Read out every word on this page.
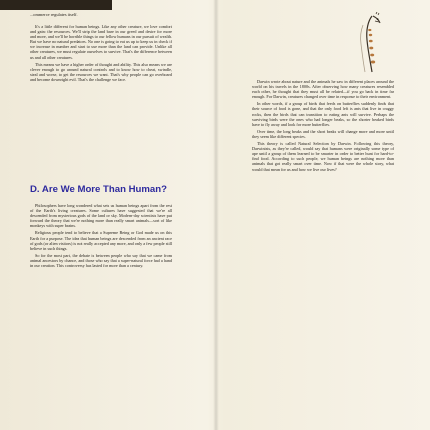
...ommerce regulates itself.

It's a little different for human beings. Like any other creature, we love comfort and gain: the resources. We'll strip the land bare in our greed and desire for more and more, and we'll be horrible things to our fellow humans in our pursuit of wealth. But we have no natural predators. No one is going to eat us up to keep us in check if we increase in number and start to use more than the land can provide. Unlike all other creatures, we must regulate ourselves to survive. That's the difference between us and all other creatures.

This means we have a higher order of thought and ability. This also means we are clever enough to go around natural controls and to know how to cheat, swindle, steal and worse, to get the resources we want. That's why people can go overboard and become downright evil. That's the challenge we face.

D. Are We More Than Human?

Philosophers have long wondered what sets us human beings apart from the rest of the Earth's living creatures. Some cultures have suggested that we're all descended from mysterious gods of the land or sky. Modern-day scientists have put forward the theory that we're nothing more than really smart animals—sort of like monkeys with super brains.

Religious people tend to believe that a Supreme Being or God made us on this Earth for a purpose. The idea that human beings are descended from an ancient race of gods (or alien visitors) is not really accepted any more, and only a few people still believe in such things.

So for the most part, the debate is between people who say that we came from animal ancestors by chance, and those who say that a super-natural force had a hand in our creation. This controversy has lasted for more than a century.

Darwin wrote about nature and the animals he saw in different places around the world on his travels in the 1800s. After observing how many creatures resembled each other, he thought that they must all be related—if you go back in time far enough. For Darwin, creatures changed over time in response to their environment.

In other words, if a group of birds that feeds on butterflies suddenly finds that their source of food is gone, and that the only food left is ants that live in craggy rocks, then the birds that can transition to eating ants will survive. Perhaps the surviving birds were the ones who had longer beaks, so the shorter beaked birds have to fly away and look for more butterflies.

Over time, the long beaks and the short beaks will change more and more until they seem like different species.

This theory is called Natural Selection by Darwin. Following this theory, Darwinists, as they're called, would say that humans were originally some type of ape until a group of them learned to be smarter in order to better hunt for hard-to-find food. According to such people, we human beings are nothing more than animals that got really smart over time. Now if that were the whole story, what would that mean for us and how we live our lives?
